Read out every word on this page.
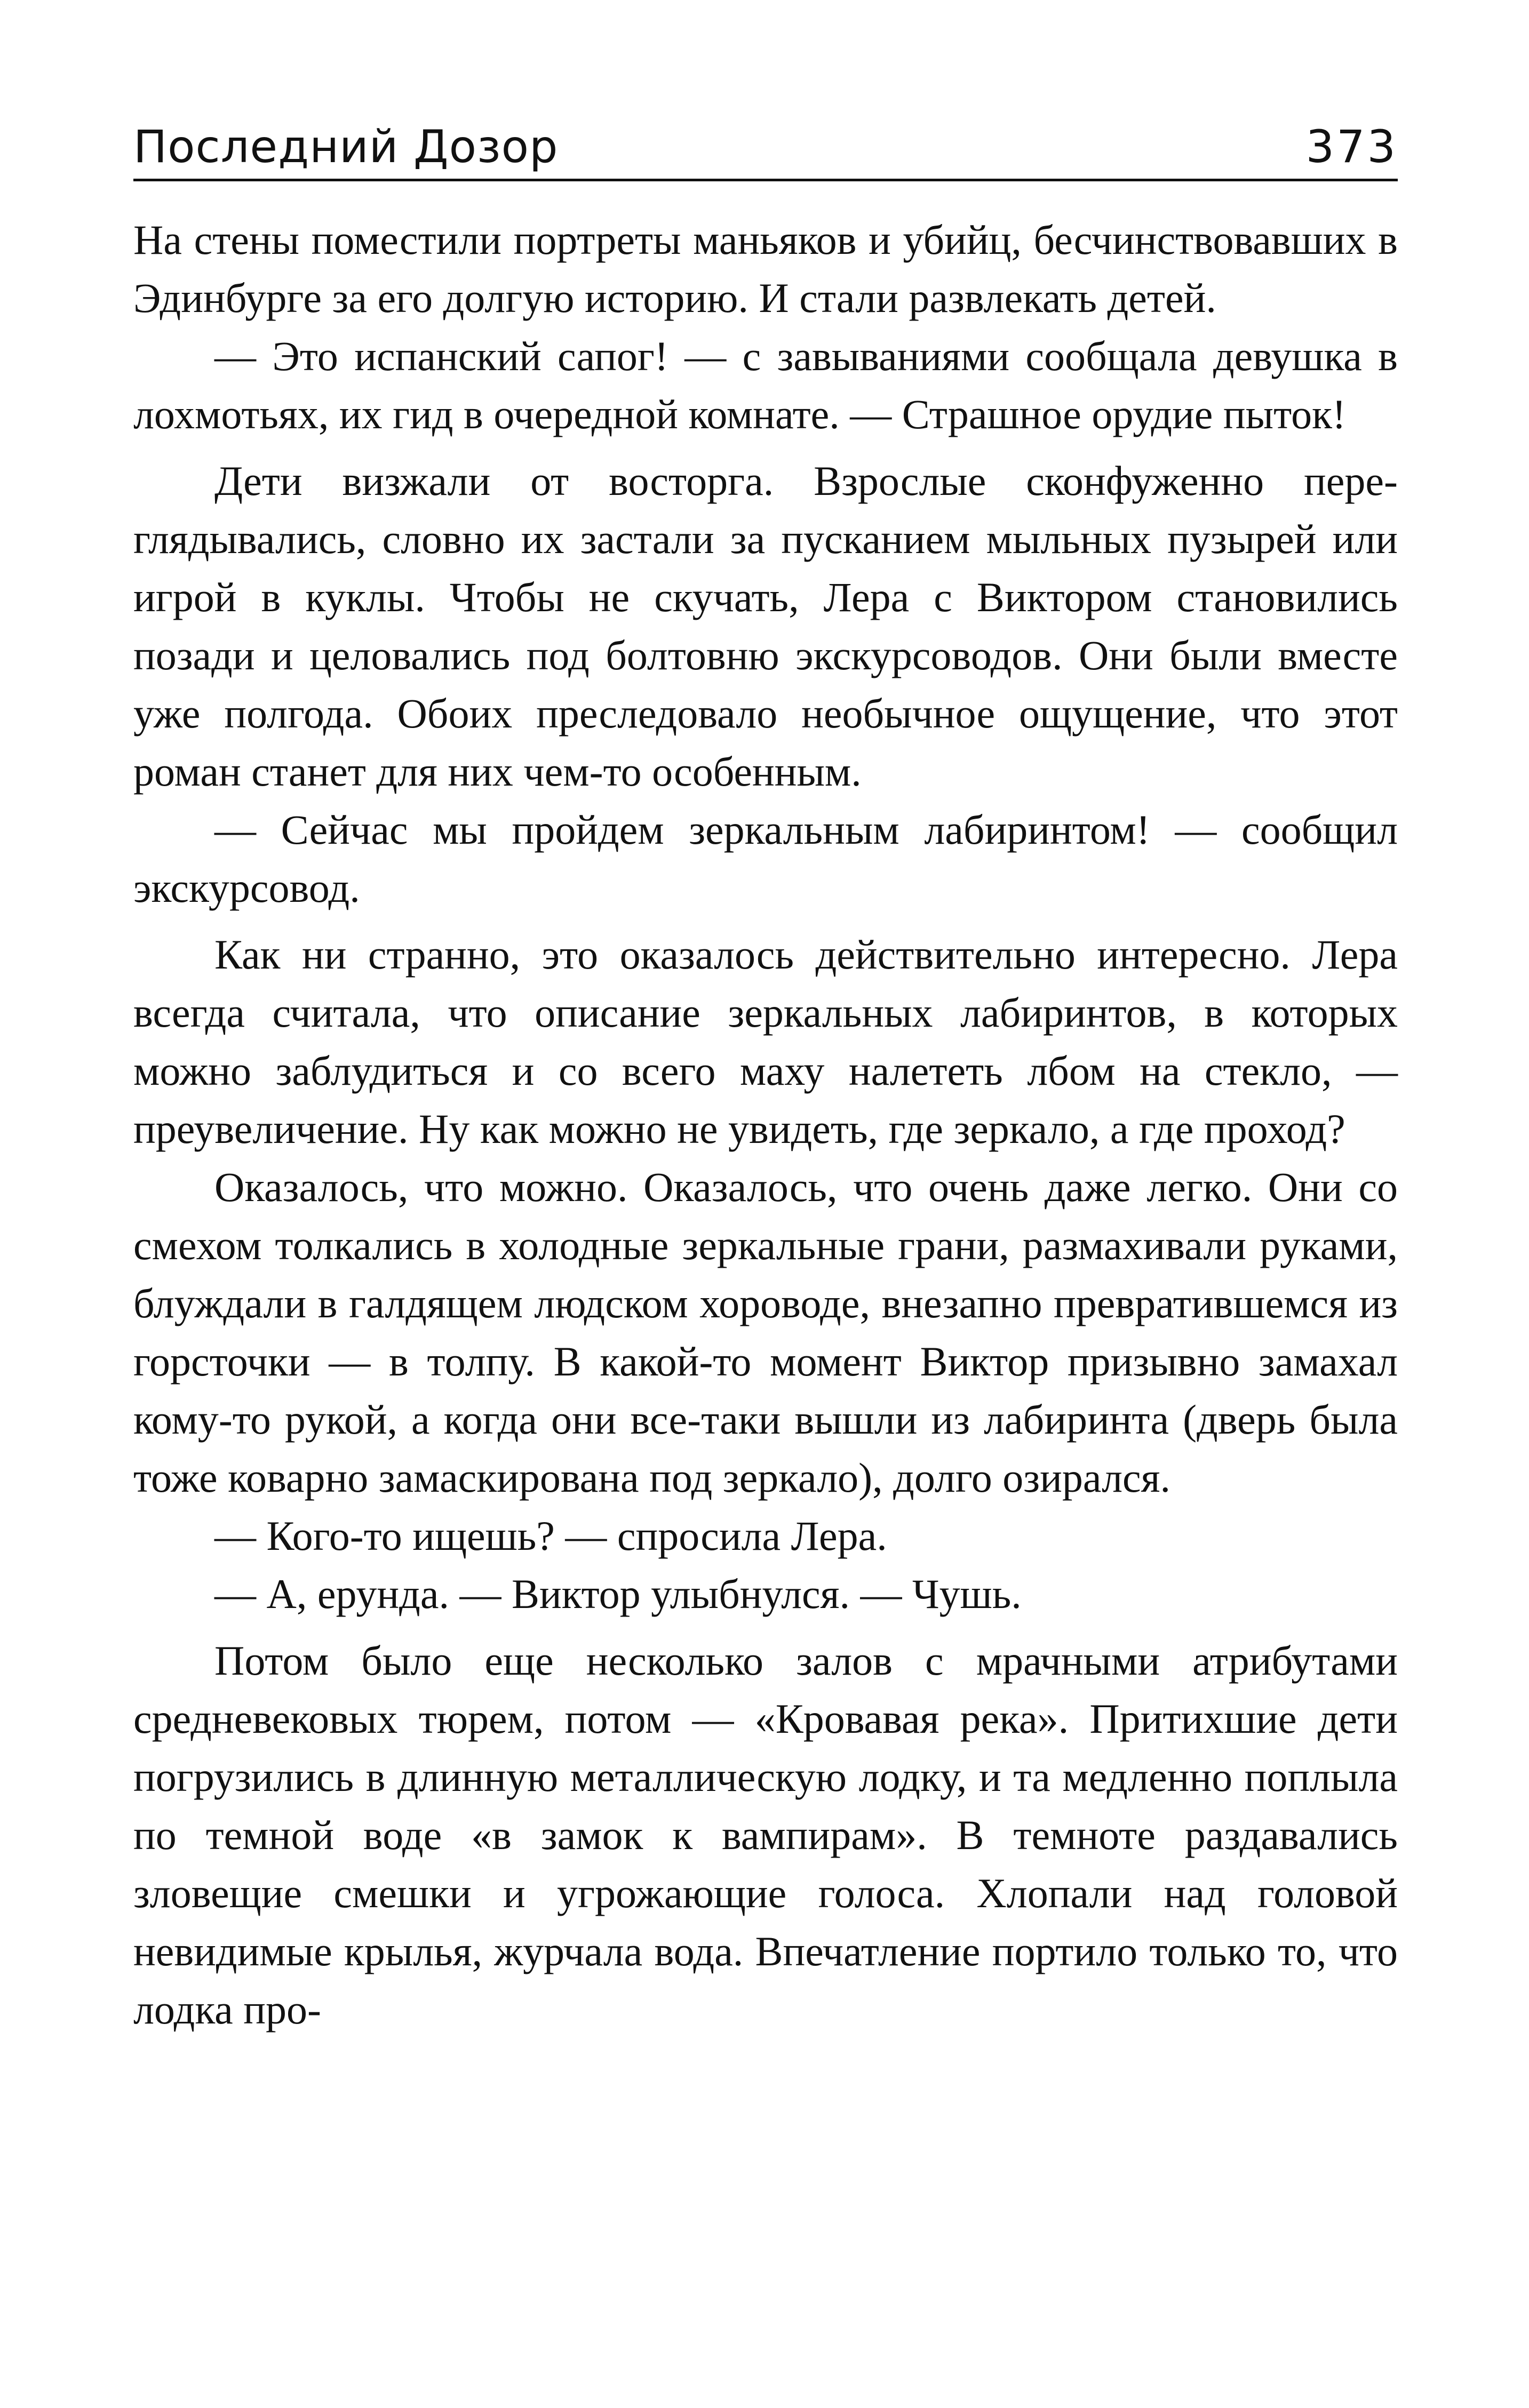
Последний Дозор	373

На стены поместили портреты маньяков и убийц, бесчинствовавших в Эдинбурге за его долгую историю. И стали развлекать детей.

— Это испанский сапог! — с завываниями сообщала девушка в лохмотьях, их гид в очередной комнате. — Страшное орудие пыток!

Дети визжали от восторга. Взрослые сконфуженно переглядывались, словно их застали за пусканием мыльных пузырей или игрой в куклы. Чтобы не скучать, Лера с Виктором становились позади и целовались под болтовню экскурсоводов. Они были вместе уже полгода. Обоих преследовало необычное ощущение, что этот роман станет для них чем-то особенным.

— Сейчас мы пройдем зеркальным лабиринтом! — сообщил экскурсовод.

Как ни странно, это оказалось действительно интересно. Лера всегда считала, что описание зеркальных лабиринтов, в которых можно заблудиться и со всего маху налететь лбом на стекло, — преувеличение. Ну как можно не увидеть, где зеркало, а где проход?

Оказалось, что можно. Оказалось, что очень даже легко. Они со смехом толкались в холодные зеркальные грани, размахивали руками, блуждали в галдящем людском хороводе, внезапно превратившемся из горсточки — в толпу. В какой-то момент Виктор призывно замахал кому-то рукой, а когда они все-таки вышли из лабиринта (дверь была тоже коварно замаскирована под зеркало), долго озирался.

— Кого-то ищешь? — спросила Лера.

— А, ерунда. — Виктор улыбнулся. — Чушь.

Потом было еще несколько залов с мрачными атрибутами средневековых тюрем, потом — «Кровавая река». Притихшие дети погрузились в длинную металлическую лодку, и та медленно поплыла по темной воде «в замок к вампирам». В темноте раздавались зловещие смешки и угрожающие голоса. Хлопали над головой невидимые крылья, журчала вода. Впечатление портило только то, что лодка про-
